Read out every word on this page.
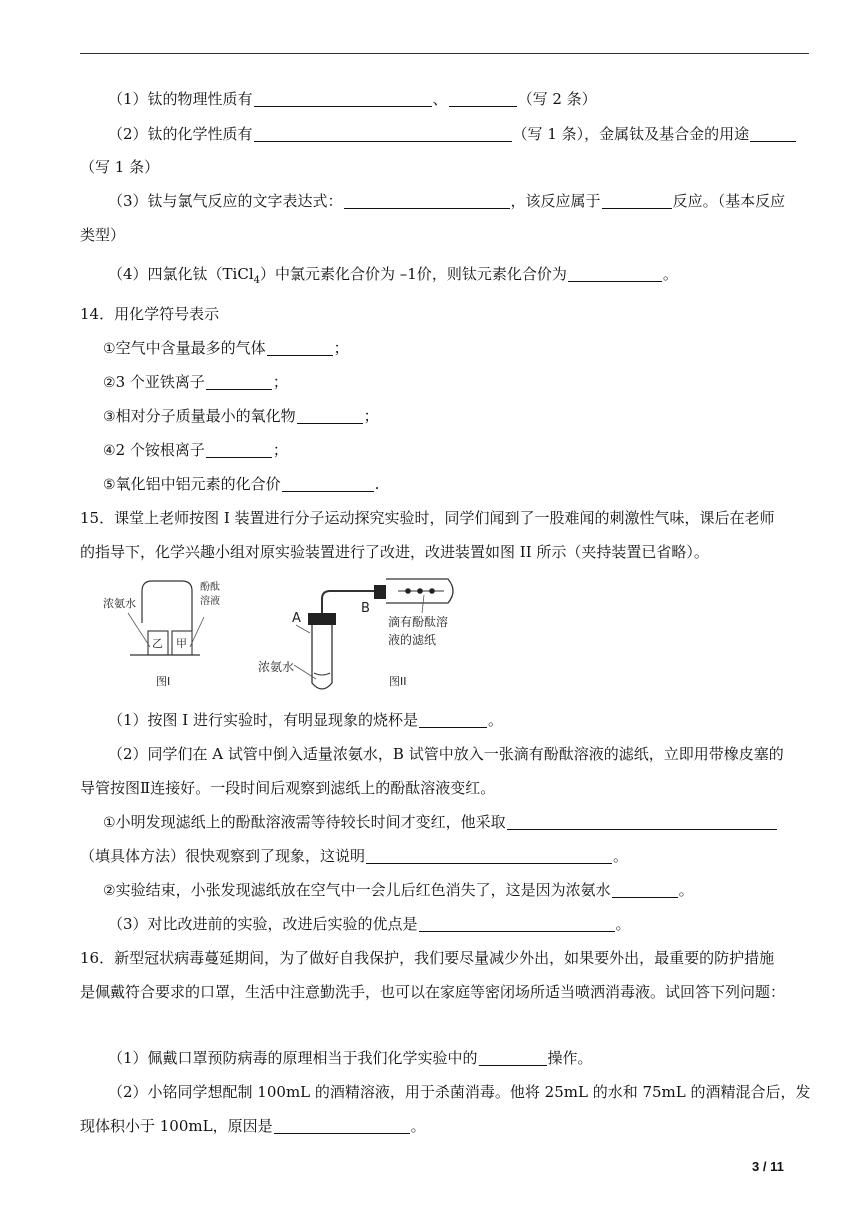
（1）钛的物理性质有	、	（写 2 条）
（2）钛的化学性质有	（写 1 条），金属钛及基合金的用途
（写 1 条）
（3）钛与氯气反应的文字表达式：	，该反应属于	反应。（基本反应
类型）
（4）四氯化钛（TiCl$_4$）中氯元素化合价为 –1价，则钛元素化合价为	。
14．用化学符号表示
①空气中含量最多的气体	；
②3 个亚铁离子	；
③相对分子质量最小的氧化物	；
④2 个铵根离子	；
⑤氧化铝中铝元素的化合价	.
15．课堂上老师按图 I 装置进行分子运动探究实验时，同学们闻到了一股难闻的刺激性气味，课后在老师
的指导下，化学兴趣小组对原实验装置进行了改进，改进装置如图 II 所示（夹持装置已省略）。
浓氨水
酚酞
溶液
乙 甲
图I
A
B
滴有酚酞溶
液的滤纸
浓氨水
图II
（1）按图 I 进行实验时，有明显现象的烧杯是	。
（2）同学们在 A 试管中倒入适量浓氨水，B 试管中放入一张滴有酚酞溶液的滤纸，立即用带橡皮塞的
导管按图Ⅱ连接好。一段时间后观察到滤纸上的酚酞溶液变红。
①小明发现滤纸上的酚酞溶液需等待较长时间才变红，他采取
（填具体方法）很快观察到了现象，这说明	。
②实验结束，小张发现滤纸放在空气中一会儿后红色消失了，这是因为浓氨水	。
（3）对比改进前的实验，改进后实验的优点是	。
16．新型冠状病毒蔓延期间，为了做好自我保护，我们要尽量减少外出，如果要外出，最重要的防护措施
是佩戴符合要求的口罩，生活中注意勤洗手，也可以在家庭等密闭场所适当喷洒消毒液。试回答下列问题：
（1）佩戴口罩预防病毒的原理相当于我们化学实验中的	操作。
（2）小铭同学想配制 100mL 的酒精溶液，用于杀菌消毒。他将 25mL 的水和 75mL 的酒精混合后，发
现体积小于 100mL，原因是	。
3 / 11
